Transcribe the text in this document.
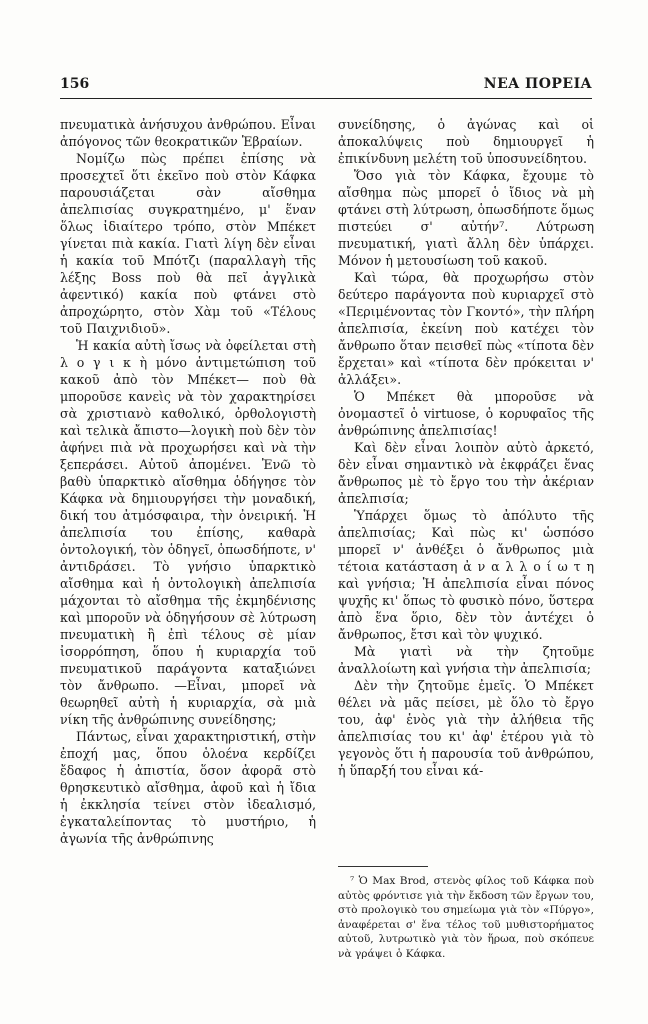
156	ΝΕΑ ΠΟΡΕΙΑ

πνευματικὰ ἀνήσυχου ἀνθρώπου. Εἶναι ἀπόγονος τῶν θεοκρατικῶν Ἑβραίων.

Νομίζω πὼς πρέπει ἐπίσης νὰ προσεχτεῖ ὅτι ἐκεῖνο ποὺ στὸν Κάφκα παρουσιάζεται σὰν αἴσθημα ἀπελπισίας συγκρατημένο, μ' ἕναν ὅλως ἰδιαίτερο τρόπο, στὸν Μπέκετ γίνεται πιὰ κακία. Γιατὶ λίγη δὲν εἶναι ἡ κακία τοῦ Μπότζι (παραλλαγὴ τῆς λέξης Boss ποὺ θὰ πεῖ ἀγγλικὰ ἀφεντικό) κακία ποὺ φτάνει στὸ ἀπροχώρητο, στὸν Χὰμ τοῦ «Τέλους τοῦ Παιχνιδιοῦ».

Ἡ κακία αὐτὴ ἴσως νὰ ὀφείλεται στὴ λ ο γ ι κ ὴ μόνο ἀντιμετώπιση τοῦ κακοῦ ἀπὸ τὸν Μπέκετ— ποὺ θὰ μποροῦσε κανεὶς νὰ τὸν χαρακτηρίσει σὰ χριστιανὸ καθολικό, ὀρθολογιστὴ καὶ τελικὰ ἄπιστο—λογικὴ ποὺ δὲν τὸν ἀφήνει πιὰ νὰ προχωρήσει καὶ νὰ τὴν ξεπεράσει. Αὐτοῦ ἀπομένει. Ἐνῶ τὸ βαθὺ ὑπαρκτικὸ αἴσθημα ὁδήγησε τὸν Κάφκα νὰ δημιουργήσει τὴν μοναδική, δική του ἀτμόσφαιρα, τὴν ὀνειρική. Ἡ ἀπελπισία του ἐπίσης, καθαρὰ ὀντολογική, τὸν ὁδηγεῖ, ὁπωσδήποτε, ν' ἀντιδράσει. Τὸ γνήσιο ὑπαρκτικὸ αἴσθημα καὶ ἡ ὀντολογικὴ ἀπελπισία μάχονται τὸ αἴσθημα τῆς ἐκμηδένισης καὶ μποροῦν νὰ ὁδηγήσουν σὲ λύτρωση πνευματικὴ ἢ ἐπὶ τέλους σὲ μίαν ἰσορρόπηση, ὅπου ἡ κυριαρχία τοῦ πνευματικοῦ παράγοντα καταξιώνει τὸν ἄνθρωπο. —Εἶναι, μπορεῖ νὰ θεωρηθεῖ αὐτὴ ἡ κυριαρχία, σὰ μιὰ νίκη τῆς ἀνθρώπινης συνείδησης;

Πάντως, εἶναι χαρακτηριστική, στὴν ἐποχή μας, ὅπου ὁλοένα κερδίζει ἔδαφος ἡ ἀπιστία, ὅσον ἀφορᾶ στὸ θρησκευτικὸ αἴσθημα, ἀφοῦ καὶ ἡ ἴδια ἡ ἐκκλησία τείνει στὸν ἰδεαλισμό, ἐγκαταλείποντας τὸ μυστήριο, ἡ ἀγωνία τῆς ἀνθρώπινης

συνείδησης, ὁ ἀγώνας καὶ οἱ ἀποκαλύψεις ποὺ δημιουργεῖ ἡ ἐπικίνδυνη μελέτη τοῦ ὑποσυνείδητου.

Ὅσο γιὰ τὸν Κάφκα, ἔχουμε τὸ αἴσθημα πὼς μπορεῖ ὁ ἴδιος νὰ μὴ φτάνει στὴ λύτρωση, ὁπωσδήποτε ὅμως πιστεύει σ' αὐτήν⁷. Λύτρωση πνευματική, γιατὶ ἄλλη δὲν ὑπάρχει. Μόνον ἡ μετουσίωση τοῦ κακοῦ.

Καὶ τώρα, θὰ προχωρήσω στὸν δεύτερο παράγοντα ποὺ κυριαρχεῖ στὸ «Περιμένοντας τὸν Γκοντό», τὴν πλήρη ἀπελπισία, ἐκείνη ποὺ κατέχει τὸν ἄνθρωπο ὅταν πεισθεῖ πὼς «τίποτα δὲν ἔρχεται» καὶ «τίποτα δὲν πρόκειται ν' ἀλλάξει».

Ὁ Μπέκετ θὰ μποροῦσε νὰ ὀνομαστεῖ ὁ virtuose, ὁ κορυφαῖος τῆς ἀνθρώπινης ἀπελπισίας!

Καὶ δὲν εἶναι λοιπὸν αὐτὸ ἀρκετό, δὲν εἶναι σημαντικὸ νὰ ἐκφράζει ἕνας ἄνθρωπος μὲ τὸ ἔργο του τὴν ἀκέριαν ἀπελπισία;

Ὑπάρχει ὅμως τὸ ἀπόλυτο τῆς ἀπελπισίας; Καὶ πὼς κι' ὡσπόσο μπορεῖ ν' ἀνθέξει ὁ ἄνθρωπος μιὰ τέτοια κατάσταση ἀ ν α λ λ ο ί ω τ η καὶ γνήσια; Ἡ ἀπελπισία εἶναι πόνος ψυχῆς κι' ὅπως τὸ φυσικὸ πόνο, ὕστερα ἀπὸ ἕνα ὅριο, δὲν τὸν ἀντέχει ὁ ἄνθρωπος, ἔτσι καὶ τὸν ψυχικό.

Μὰ γιατὶ νὰ τὴν ζητοῦμε ἀναλλοίωτη καὶ γνήσια τὴν ἀπελπισία;

Δὲν τὴν ζητοῦμε ἐμεῖς. Ὁ Μπέκετ θέλει νὰ μᾶς πείσει, μὲ ὅλο τὸ ἔργο του, ἀφ' ἑνὸς γιὰ τὴν ἀλήθεια τῆς ἀπελπισίας του κι' ἀφ' ἑτέρου γιὰ τὸ γεγονὸς ὅτι ἡ παρουσία τοῦ ἀνθρώπου, ἡ ὕπαρξή του εἶναι κά-

⁷ Ὁ Max Brod, στενὸς φίλος τοῦ Κάφκα ποὺ αὐτὸς φρόντισε γιὰ τὴν ἔκδοση τῶν ἔργων του, στὸ προλογικὸ του σημείωμα γιὰ τὸν «Πύργο», ἀναφέρεται σ' ἕνα τέλος τοῦ μυθιστορήματος αὐτοῦ, λυτρωτικὸ γιὰ τὸν ἥρωα, ποὺ σκόπευε νὰ γράψει ὁ Κάφκα.
